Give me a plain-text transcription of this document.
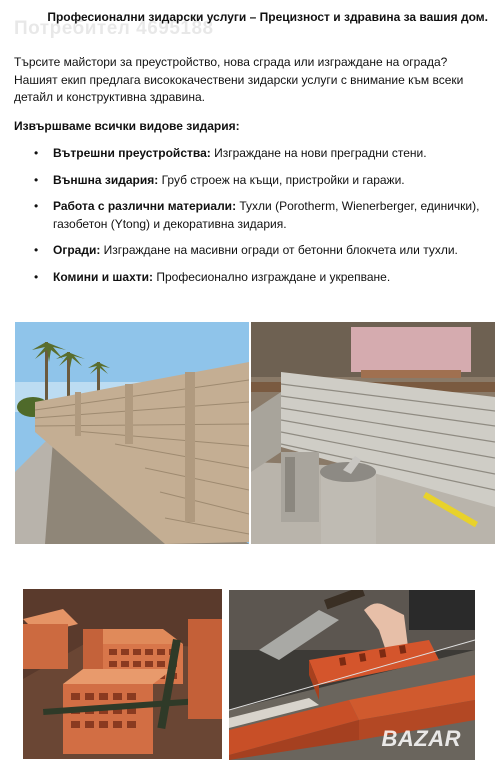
Потребител 4695188
Професионални зидарски услуги – Прецизност и здравина за вашия дом.

Търсите майстори за преустройство, нова сграда или изграждане на ограда? Нашият екип предлага висококачествени зидарски услуги с внимание към всеки детайл и конструктивна здравина.

Извършваме всички видове зидария:

• Вътрешни преустройства: Изграждане на нови преградни стени.
• Външна зидария: Груб строеж на къщи, пристройки и гаражи.
• Работа с различни материали: Тухли (Porotherm, Wienerberger, единички), газобетон (Ytong) и декоративна зидария.
• Огради: Изграждане на масивни огради от бетонни блокчета или тухли.
• Комини и шахти: Професионално изграждане и укрепване.
BAZAR
